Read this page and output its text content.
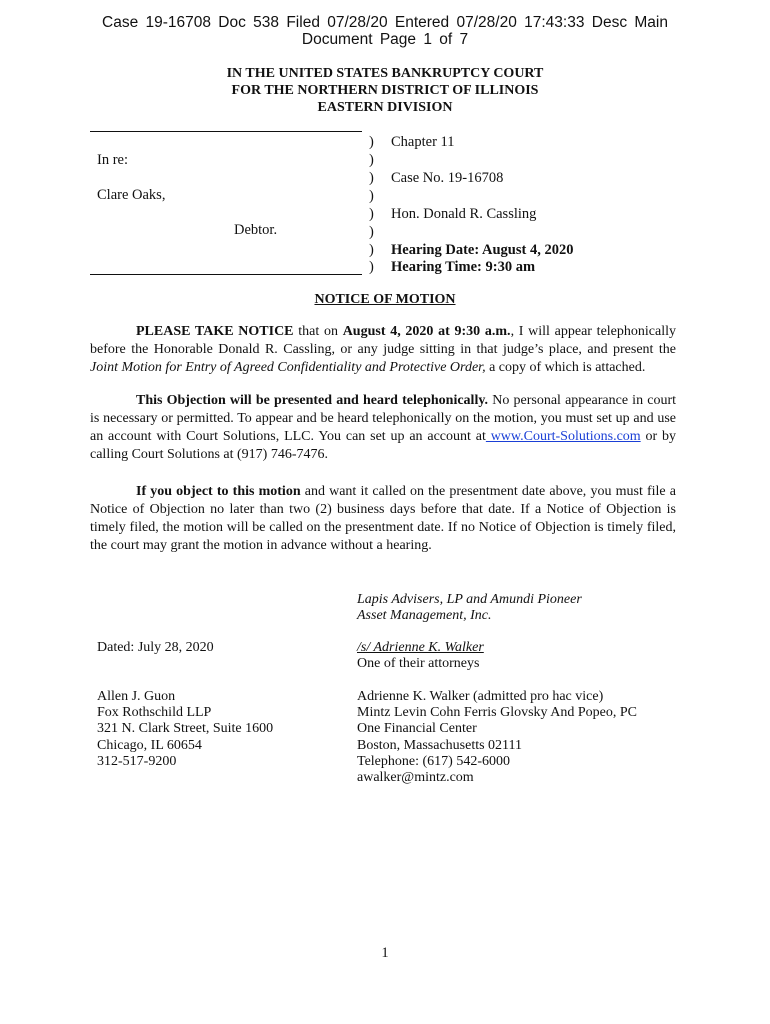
Case 19-16708 Doc 538 Filed 07/28/20 Entered 07/28/20 17:43:33 Desc Main
Document Page 1 of 7
IN THE UNITED STATES BANKRUPTCY COURT
FOR THE NORTHERN DISTRICT OF ILLINOIS
EASTERN DIVISION
In re:
Clare Oaks,
Debtor.
)
)
)
)
)
)
)
)
Chapter 11
Case No. 19-16708
Hon. Donald R. Cassling
Hearing Date: August 4, 2020
Hearing Time: 9:30 am
NOTICE OF MOTION
PLEASE TAKE NOTICE that on August 4, 2020 at 9:30 a.m., I will appear telephonically before the Honorable Donald R. Cassling, or any judge sitting in that judge’s place, and present the Joint Motion for Entry of Agreed Confidentiality and Protective Order, a copy of which is attached.
This Objection will be presented and heard telephonically. No personal appearance in court is necessary or permitted. To appear and be heard telephonically on the motion, you must set up and use an account with Court Solutions, LLC. You can set up an account at www.Court-Solutions.com or by calling Court Solutions at (917) 746-7476.
If you object to this motion and want it called on the presentment date above, you must file a Notice of Objection no later than two (2) business days before that date. If a Notice of Objection is timely filed, the motion will be called on the presentment date. If no Notice of Objection is timely filed, the court may grant the motion in advance without a hearing.
Lapis Advisers, LP and Amundi Pioneer
Asset Management, Inc.
Dated: July 28, 2020	/s/ Adrienne K. Walker
One of their attorneys
Allen J. Guon
Fox Rothschild LLP
321 N. Clark Street, Suite 1600
Chicago, IL 60654
312-517-9200
Adrienne K. Walker (admitted pro hac vice)
Mintz Levin Cohn Ferris Glovsky And Popeo, PC
One Financial Center
Boston, Massachusetts 02111
Telephone: (617) 542-6000
awalker@mintz.com
1
